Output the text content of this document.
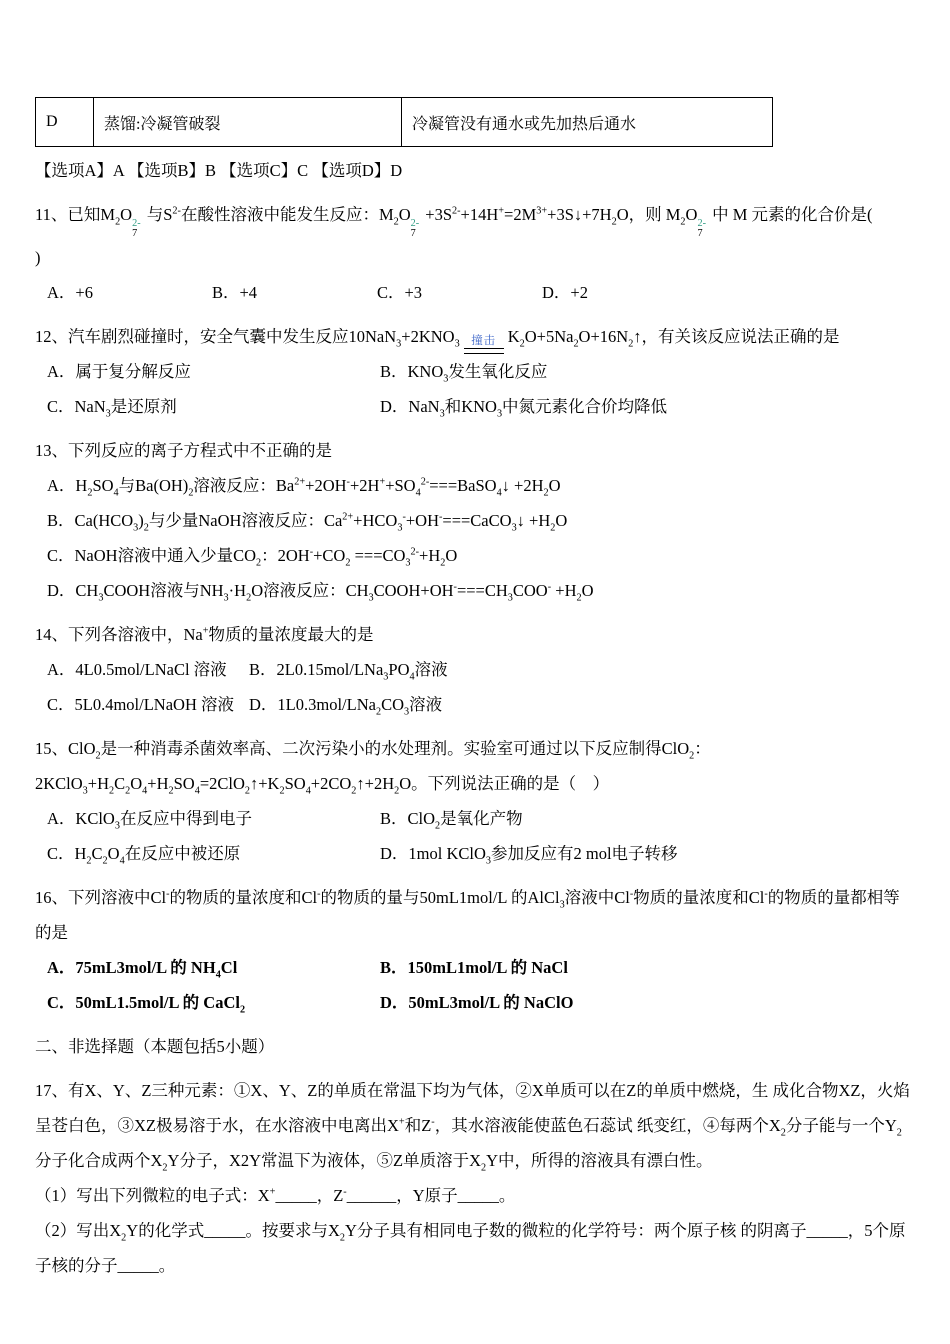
D	蒸馏:冷凝管破裂	冷凝管没有通水或先加热后通水

【选项A】A 【选项B】B 【选项C】C 【选项D】D

11、已知$M_2O$ 2-
7
与$S^{2-}$在酸性溶液中能发生反应：$M_2O$ 2-
7
$+3S^{2-}+14H^+=2M^{3+}+3S↓+7H_2O$，则 $M_2O$ 2-
7
中 M 元素的化合价是(

)

A．+6	B．+4	C．+3	D．+2

12、汽车剧烈碰撞时，安全气囊中发生反应$10NaN_3+2KNO_3$ 撞击 $K_2O+5Na_2O+16N_2↑$，有关该反应说法正确的是

A．属于复分解反应	B．$KNO_3$发生氧化反应
C．NaN$_3$是还原剂	D．NaN$_3$和$KNO_3$中氮元素化合价均降低

13、下列反应的离子方程式中不正确的是

A．$H_2SO_4$与$Ba(OH)_2$溶液反应：$Ba^{2+}+2OH^-+2H^++SO_4^{2-}===BaSO_4↓ +2H_2O$

B．$Ca(HCO_3)_2$与少量NaOH溶液反应：$Ca^{2+}+HCO_3^-+OH^-===CaCO_3↓ +H_2O$

C．NaOH溶液中通入少量$CO_2$：$2OH^-+CO_2 ===CO_3^{2-}+H_2O$

D．$CH_3COOH$溶液与$NH_3\cdot H_2O$溶液反应：$CH_3COOH+OH^-===CH_3COO^- +H_2O$

14、下列各溶液中，Na+物质的量浓度最大的是

A．4L0.5mol/LNaCl 溶液	B．$2L0.15mol/LNa_3PO_4$溶液
C．5L0.4mol/LNaOH 溶液 D．$1L0.3mol/LNa_2CO_3$溶液

15、ClO$_2$是一种消毒杀菌效率高、二次污染小的水处理剂。实验室可通过以下反应制得ClO$_2$：$2KClO_3+H_2C_2O_4+H_2SO_4=2ClO_2↑+K_2SO_4+2CO_2↑+2H_2O$。下列说法正确的是（　）

A．KClO$_3$在反应中得到电子	B．ClO$_2$是氧化产物
C．$H_2C_2O_4$在反应中被还原	D．1mol KClO$_3$参加反应有2 mol电子转移

16、下列溶液中Cl-的物质的量浓度和Cl-的物质的量与50mL1mol/L 的AlCl$_3$溶液中Cl-物质的量浓度和Cl-的物质的量都相等的是

A．75mL3mol/L 的 $NH_4Cl$	B．150mL1mol/L 的 NaCl
C．50mL1.5mol/L 的 CaCl$_2$	D．50mL3mol/L 的 NaClO

二、非选择题（本题包括5小题）

17、有X、Y、Z三种元素：①X、Y、Z的单质在常温下均为气体，②X单质可以在Z的单质中燃烧，生 成化合物XZ，火焰呈苍白色，③XZ极易溶于水，在水溶液中电离出X+和Z-，其水溶液能使蓝色石蕊试 纸变红，④每两个$X_2$分子能与一个$Y_2$分子化合成两个$X_2Y$分子，X2Y常温下为液体，⑤Z单质溶于$X_2Y$中，所得的溶液具有漂白性。

（1）写出下列微粒的电子式：X+_____，Z-______，Y原子_____。

（2）写出$X_2Y$的化学式_____。按要求与$X_2Y$分子具有相同电子数的微粒的化学符号：两个原子核 的阴离子_____，5个原子核的分子_____。
